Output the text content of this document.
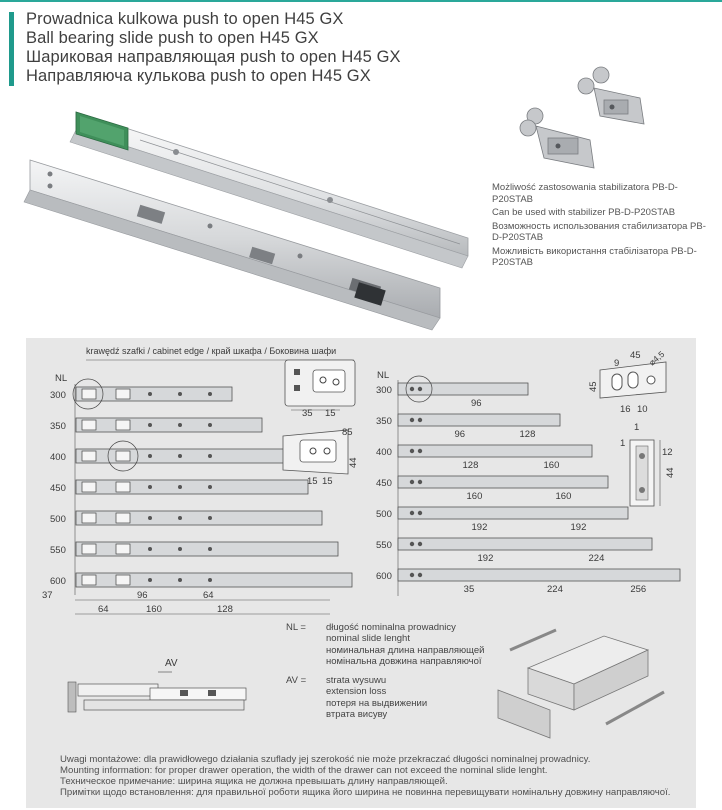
Prowadnica kulkowa push to open H45 GX
Ball bearing slide push to open H45 GX
Шариковая направляющая push to open H45 GX
Направляюча кулькова push to open H45 GX

Możliwość zastosowania stabilizatora PB-D-P20STAB

Can be used with stabilizer PB-D-P20STAB

Возможность использования стабилизатора PB-D-P20STAB

Можливість використання стабілізатора PB-D-P20STAB

krawędź szafki / cabinet edge / край шкафа / Боковина шафи
NL
300
350
400
450
500
550
600
35 15
85
44
15 15
37	96	64
64	160	128
NL
300
96
350
96	128
400
128	160
450
160	160
500
192	192
550
192	224
600
35	224	256
9
45
45
⌀4,5
16 10
1
1
12
44
AV
NL =	długość nominalna prowadnicy
nominal slide lenght
номинальная длина направляющей
номінальна довжина направляючої
AV =	strata wysuwu
extension loss
потеря на выдвижении
втрата висуву
Uwagi montażowe: dla prawidłowego działania szuflady jej szerokość nie może przekraczać długości nominalnej prowadnicy.
Mounting information: for proper drawer operation, the width of the drawer can not exceed the nominal slide lenght.
Техническое примечание: ширина ящика не должна превышать длину направляющей.
Примітки щодо встановлення: для правильної роботи ящика його ширина не повинна перевищувати номінальну довжину направляючої.
